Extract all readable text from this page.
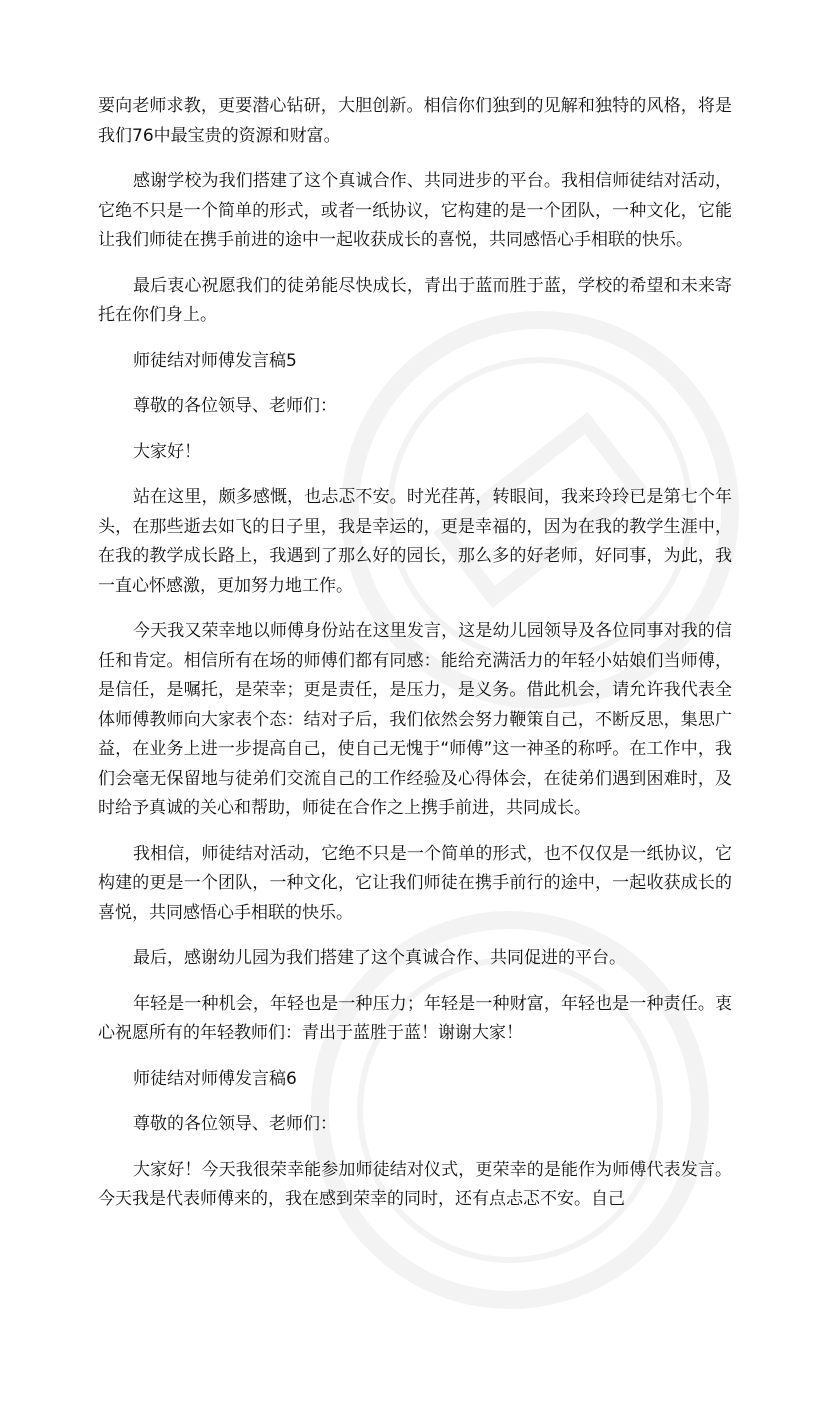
要向老师求教，更要潜心钻研，大胆创新。相信你们独到的见解和独特的风格，将是我们76中最宝贵的资源和财富。

感谢学校为我们搭建了这个真诚合作、共同进步的平台。我相信师徒结对活动，它绝不只是一个简单的形式，或者一纸协议，它构建的是一个团队，一种文化，它能让我们师徒在携手前进的途中一起收获成长的喜悦，共同感悟心手相联的快乐。

最后衷心祝愿我们的徒弟能尽快成长，青出于蓝而胜于蓝，学校的希望和未来寄托在你们身上。

师徒结对师傅发言稿5

尊敬的各位领导、老师们：

大家好！

站在这里，颇多感慨，也忐忑不安。时光荏苒，转眼间，我来玲玲已是第七个年头，在那些逝去如飞的日子里，我是幸运的，更是幸福的，因为在我的教学生涯中，在我的教学成长路上，我遇到了那么好的园长，那么多的好老师，好同事，为此，我一直心怀感激，更加努力地工作。

今天我又荣幸地以师傅身份站在这里发言，这是幼儿园领导及各位同事对我的信任和肯定。相信所有在场的师傅们都有同感：能给充满活力的年轻小姑娘们当师傅，是信任，是嘱托，是荣幸；更是责任，是压力，是义务。借此机会，请允许我代表全体师傅教师向大家表个态：结对子后，我们依然会努力鞭策自己，不断反思，集思广益，在业务上进一步提高自己，使自己无愧于“师傅”这一神圣的称呼。在工作中，我们会毫无保留地与徒弟们交流自己的工作经验及心得体会，在徒弟们遇到困难时，及时给予真诚的关心和帮助，师徒在合作之上携手前进，共同成长。

我相信，师徒结对活动，它绝不只是一个简单的形式，也不仅仅是一纸协议，它构建的更是一个团队，一种文化，它让我们师徒在携手前行的途中，一起收获成长的喜悦，共同感悟心手相联的快乐。

最后，感谢幼儿园为我们搭建了这个真诚合作、共同促进的平台。

年轻是一种机会，年轻也是一种压力；年轻是一种财富，年轻也是一种责任。衷心祝愿所有的年轻教师们：青出于蓝胜于蓝！谢谢大家！

师徒结对师傅发言稿6

尊敬的各位领导、老师们：

大家好！今天我很荣幸能参加师徒结对仪式，更荣幸的是能作为师傅代表发言。今天我是代表师傅来的，我在感到荣幸的同时，还有点忐忑不安。自己
